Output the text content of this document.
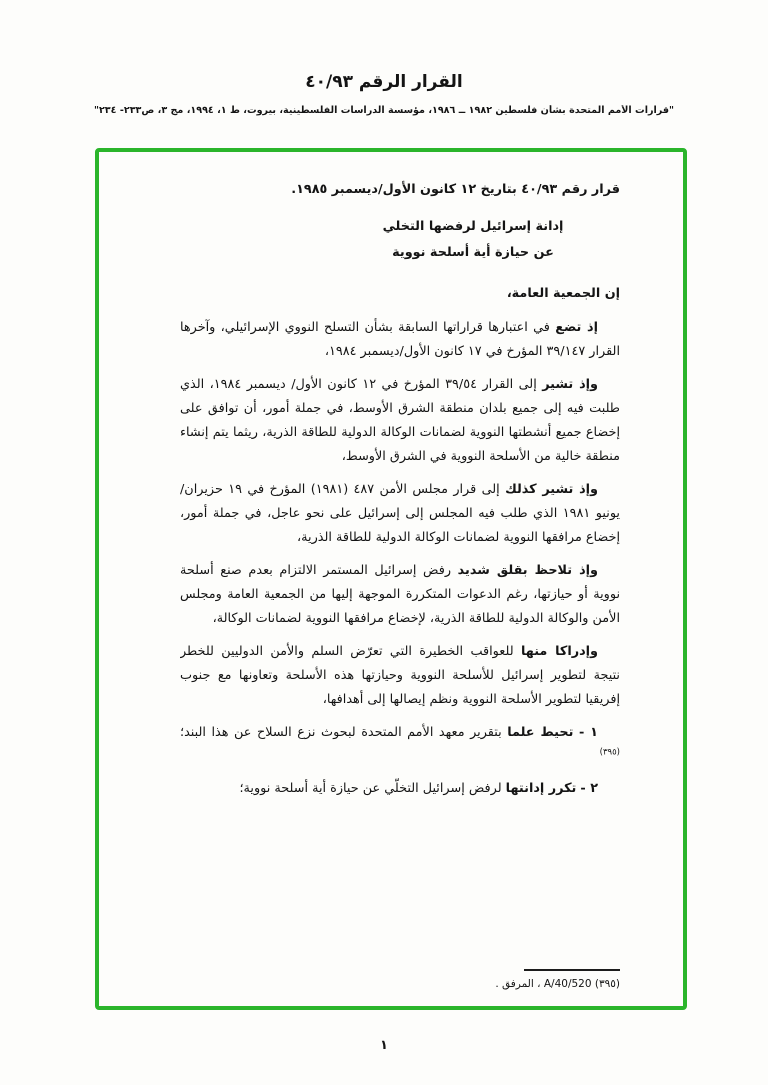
القرار الرقم ٤٠/٩٣
"قرارات الأمم المتحدة بشأن فلسطين ١٩٨٢ ــ ١٩٨٦، مؤسسة الدراسات الفلسطينية، بيروت، ط ١، ١٩٩٤، مج ٣، ص٢٣٣- ٢٣٤"

قرار رقم ٤٠/٩٣ بتاريخ ١٢ كانون الأول/ديسمبر ١٩٨٥.

إدانة إسرائيل لرفضها التخلي
عن حيازة أية أسلحة نووية

إن الجمعية العامة،

إذ تضع في اعتبارها قراراتها السابقة بشأن التسلح النووي الإسرائيلي، وآخرها القرار ٣٩/١٤٧ المؤرخ في ١٧ كانون الأول/ديسمبر ١٩٨٤،

وإذ تشير إلى القرار ٣٩/٥٤ المؤرخ في ١٢ كانون الأول/ ديسمبر ١٩٨٤، الذي طلبت فيه إلى جميع بلدان منطقة الشرق الأوسط، في جملة أمور، أن توافق على إخضاع جميع أنشطتها النووية لضمانات الوكالة الدولية للطاقة الذرية، ريثما يتم إنشاء منطقة خالية من الأسلحة النووية في الشرق الأوسط،

وإذ تشير كذلك إلى قرار مجلس الأمن ٤٨٧ (١٩٨١) المؤرخ في ١٩ حزيران/يونيو ١٩٨١ الذي طلب فيه المجلس إلى إسرائيل على نحو عاجل، في جملة أمور، إخضاع مرافقها النووية لضمانات الوكالة الدولية للطاقة الذرية،

وإذ تلاحظ بقلق شديد رفض إسرائيل المستمر الالتزام بعدم صنع أسلحة نووية أو حيازتها، رغم الدعوات المتكررة الموجهة إليها من الجمعية العامة ومجلس الأمن والوكالة الدولية للطاقة الذرية، لإخضاع مرافقها النووية لضمانات الوكالة،

وإدراكا منها للعواقب الخطيرة التي تعرّض السلم والأمن الدوليين للخطر نتيجة لتطوير إسرائيل للأسلحة النووية وحيازتها هذه الأسلحة وتعاونها مع جنوب إفريقيا لتطوير الأسلحة النووية ونظم إيصالها إلى أهدافها،

١ - تحيط علما بتقرير معهد الأمم المتحدة لبحوث نزع السلاح عن هذا البند؛$^{(٣٩٥)}$

٢ - تكرر إدانتها لرفض إسرائيل التخلّي عن حيازة أية أسلحة نووية؛

(٣٩٥) A/40/520 ، المرفق .
١
